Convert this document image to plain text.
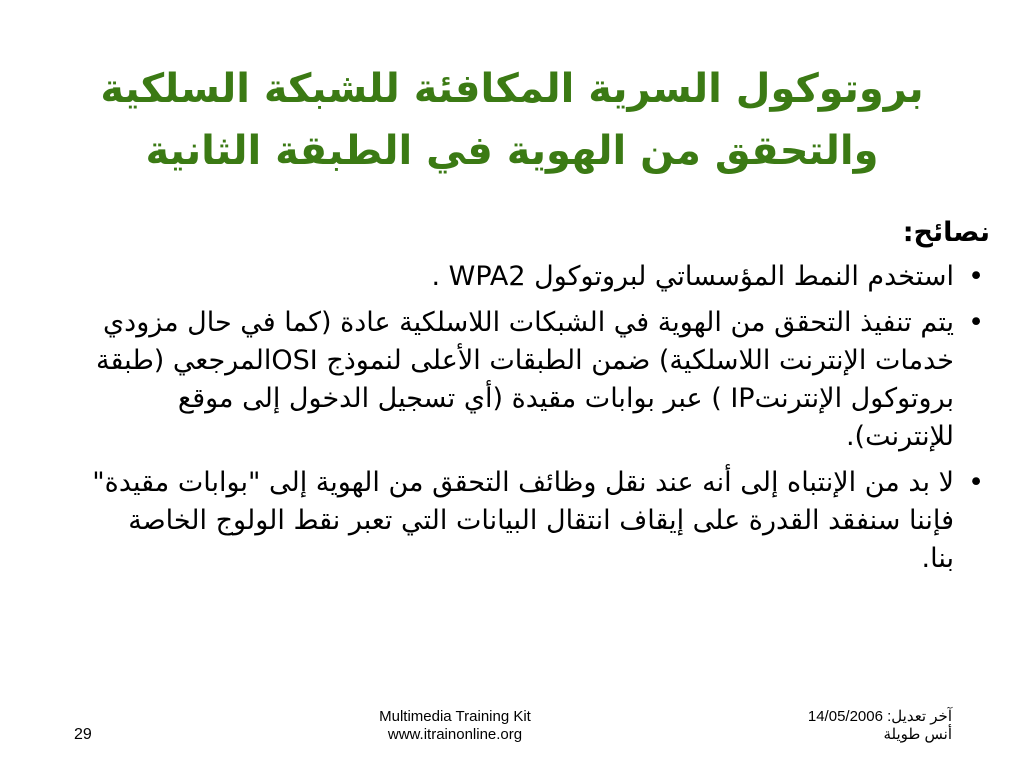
بروتوكول السرية المكافئة للشبكة السلكية
والتحقق من الهوية في الطبقة الثانية
نصائح:
•
استخدم النمط المؤسساتي لبروتوكول WPA2 .
•
يتم تنفيذ التحقق من الهوية في الشبكات اللاسلكية عادة (كما في حال مزودي خدمات الإنترنت اللاسلكية) ضمن الطبقات الأعلى لنموذج OSIالمرجعي (طبقة بروتوكول الإنترنتIP ) عبر بوابات مقيدة (أي تسجيل الدخول إلى موقع للإنترنت).
•
لا بد من الإنتباه إلى أنه عند نقل وظائف التحقق من الهوية إلى "بوابات مقيدة" فإننا سنفقد القدرة على إيقاف انتقال البيانات التي تعبر نقط الولوج الخاصة بنا.
Multimedia Training Kit
www.itrainonline.org
آخر تعديل: 14/05/2006
أنس طويلة
29
